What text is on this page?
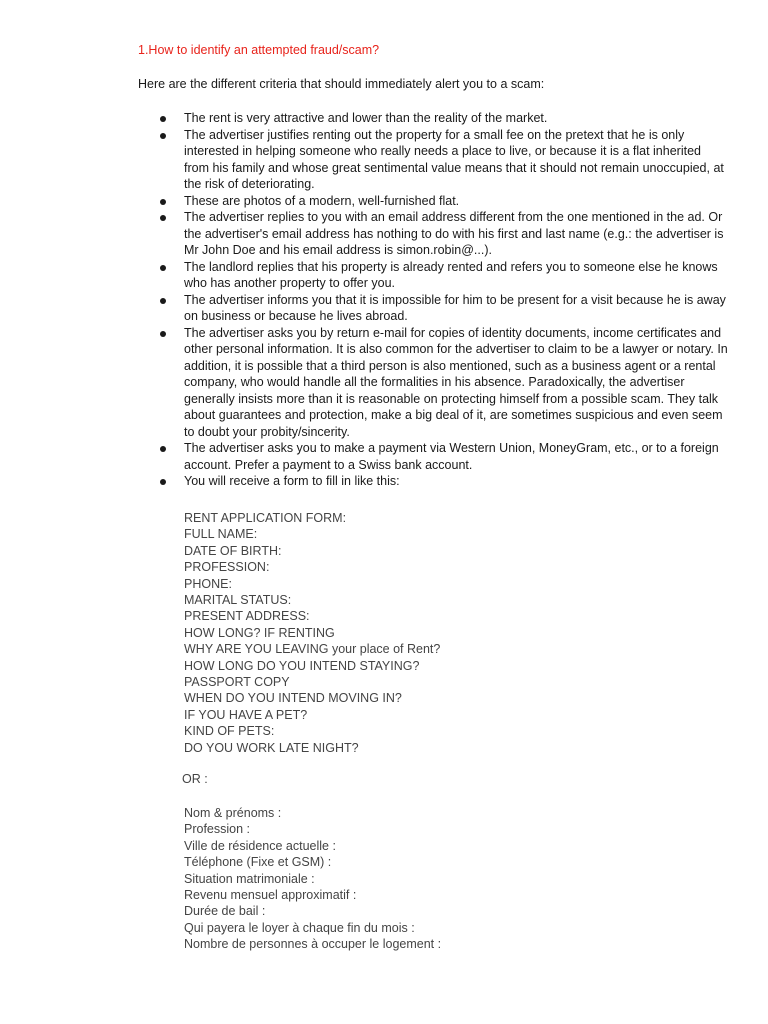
1.How to identify an attempted fraud/scam?
Here are the different criteria that should immediately alert you to a scam:
The rent is very attractive and lower than the reality of the market.
The advertiser justifies renting out the property for a small fee on the pretext that he is only interested in helping someone who really needs a place to live, or because it is a flat inherited from his family and whose great sentimental value means that it should not remain unoccupied, at the risk of deteriorating.
These are photos of a modern, well-furnished flat.
The advertiser replies to you with an email address different from the one mentioned in the ad. Or the advertiser's email address has nothing to do with his first and last name (e.g.: the advertiser is Mr John Doe and his email address is simon.robin@...).
The landlord replies that his property is already rented and refers you to someone else he knows who has another property to offer you.
The advertiser informs you that it is impossible for him to be present for a visit because he is away on business or because he lives abroad.
The advertiser asks you by return e-mail for copies of identity documents, income certificates and other personal information. It is also common for the advertiser to claim to be a lawyer or notary. In addition, it is possible that a third person is also mentioned, such as a business agent or a rental company, who would handle all the formalities in his absence. Paradoxically, the advertiser generally insists more than it is reasonable on protecting himself from a possible scam. They talk about guarantees and protection, make a big deal of it, are sometimes suspicious and even seem to doubt your probity/sincerity.
The advertiser asks you to make a payment via Western Union, MoneyGram, etc., or to a foreign account. Prefer a payment to a Swiss bank account.
You will receive a form to fill in like this:
RENT APPLICATION FORM:
FULL NAME:
DATE OF BIRTH:
PROFESSION:
PHONE:
MARITAL STATUS:
PRESENT ADDRESS:
HOW LONG? IF RENTING
WHY ARE YOU LEAVING your place of Rent?
HOW LONG DO YOU INTEND STAYING?
PASSPORT COPY
WHEN DO YOU INTEND MOVING IN?
IF YOU HAVE A PET?
KIND OF PETS:
DO YOU WORK LATE NIGHT?
OR :
Nom & prénoms :
Profession :
Ville de résidence actuelle :
Téléphone (Fixe et GSM) :
Situation matrimoniale :
Revenu mensuel approximatif :
Durée de bail :
Qui payera le loyer à chaque fin du mois :
Nombre de personnes à occuper le logement :
